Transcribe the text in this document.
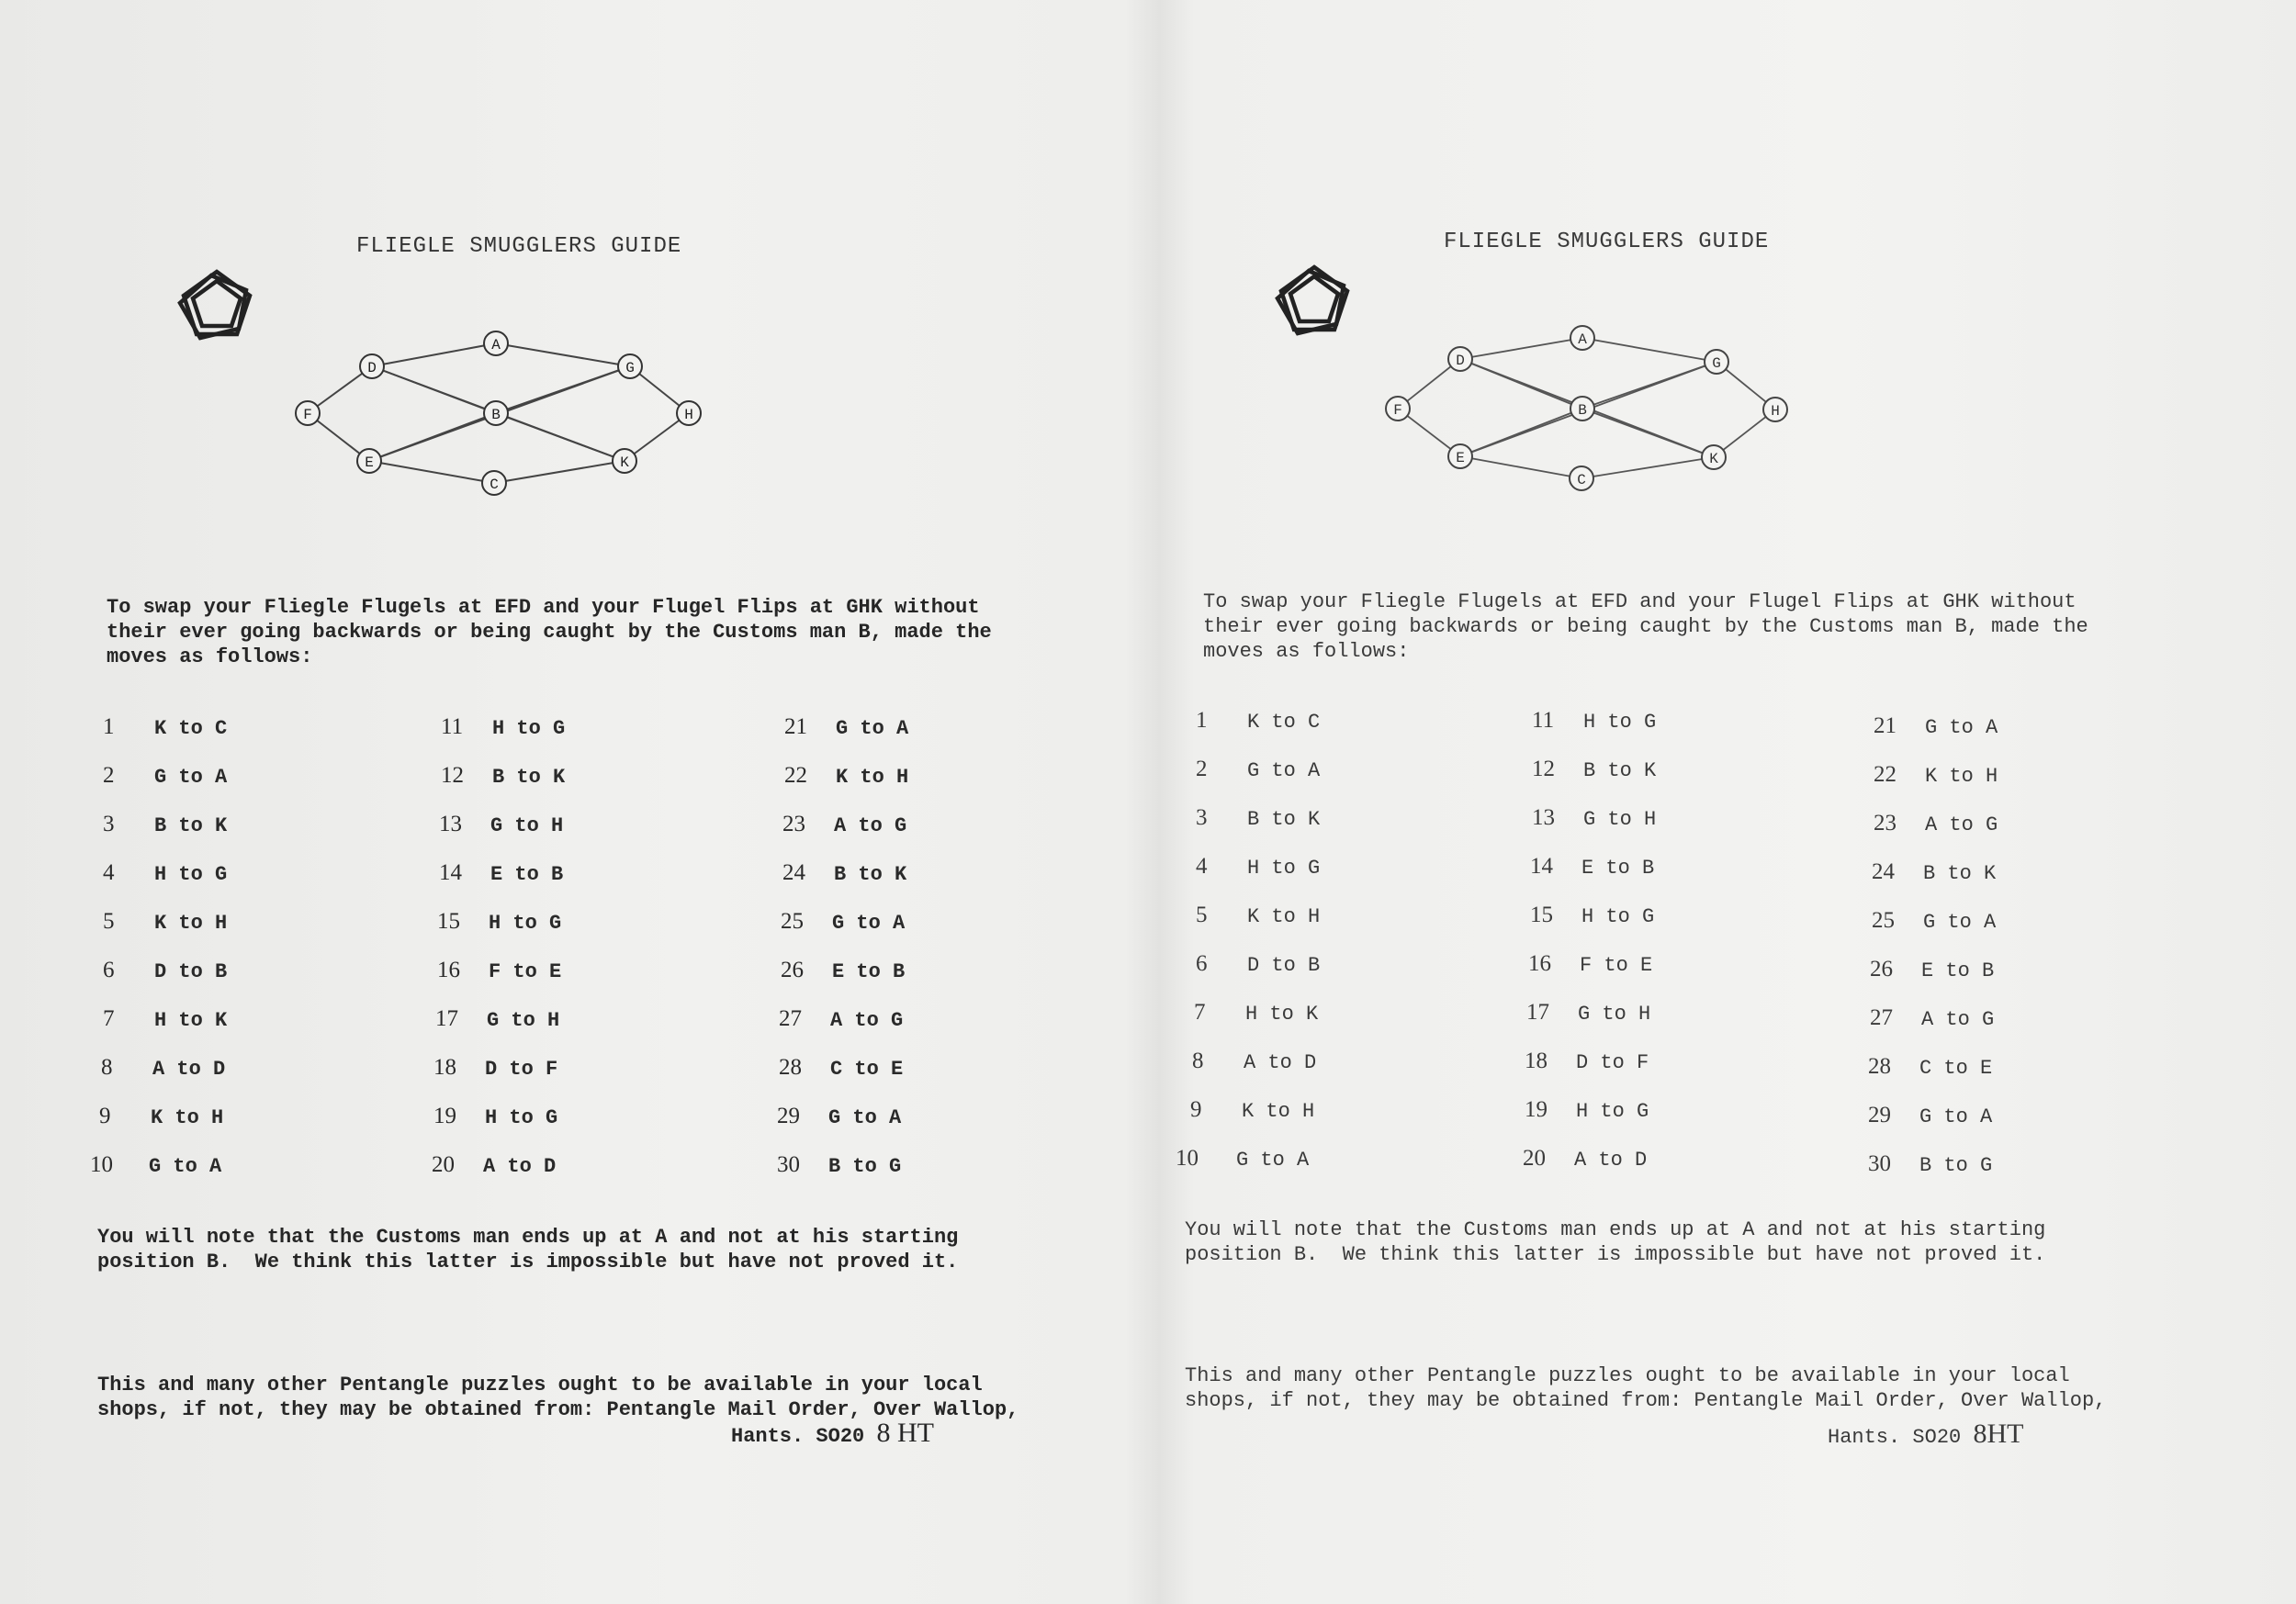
FLIEGLE SMUGGLERS GUIDE
A
D	G
F	B	H
E
C
K
To swap your Fliegle Flugels at EFD and your Flugel Flips at GHK without
their ever going backwards or being caught by the Customs man B, made the
moves as follows:
1 K to C
2 G to A
3 B to K
4 H to G
5 K to H
6 D to B
7 H to K
8 A to D
9 K to H
10 G to A
11 H to G
12 B to K
13 G to H
14 E to B
15 H to G
16 F to E
17 G to H
18 D to F
19 H to G
20 A to D
21 G to A
22 K to H
23 A to G
24 B to K
25 G to A
26 E to B
27 A to G
28 C to E
29 G to A
30 B to G
You will note that the Customs man ends up at A and not at his starting
position B.  We think this latter is impossible but have not proved it.
This and many other Pentangle puzzles ought to be available in your local
shops, if not, they may be obtained from: Pentangle Mail Order, Over Wallop,
Hants. SO20 8 HT
FLIEGLE SMUGGLERS GUIDE
A
D	G
F	B	H
E
C
K
To swap your Fliegle Flugels at EFD and your Flugel Flips at GHK without
their ever going backwards or being caught by the Customs man B, made the
moves as follows:
1 K to C
2 G to A
3 B to K
4 H to G
5 K to H
6 D to B
7 H to K
8 A to D
9 K to H
10 G to A
11 H to G
12 B to K
13 G to H
14 E to B
15 H to G
16 F to E
17 G to H
18 D to F
19 H to G
20 A to D
21 G to A
22 K to H
23 A to G
24 B to K
25 G to A
26 E to B
27 A to G
28 C to E
29 G to A
30 B to G
You will note that the Customs man ends up at A and not at his starting
position B.  We think this latter is impossible but have not proved it.
This and many other Pentangle puzzles ought to be available in your local
shops, if not, they may be obtained from: Pentangle Mail Order, Over Wallop,
Hants. SO20 8HT
